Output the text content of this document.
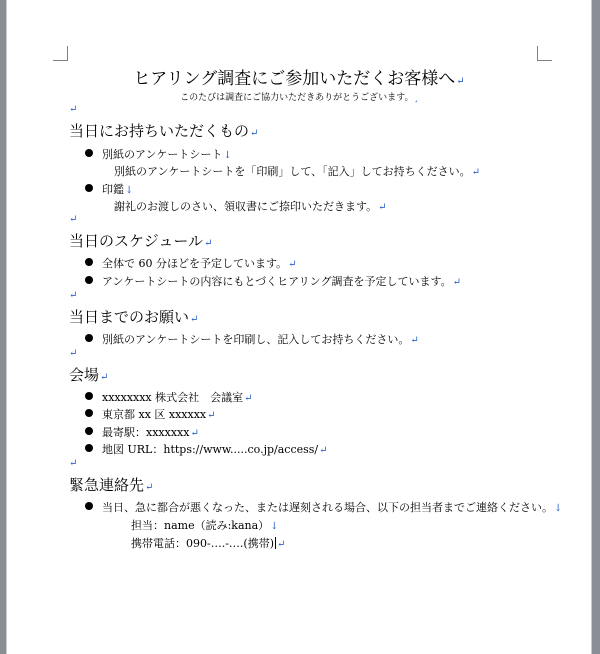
ヒアリング調査にご参加いただくお客様へ↵
このたびは調査にご協力いただきありがとうございます。˼
↵
当日にお持ちいただくもの↵
別紙のアンケートシート↓
別紙のアンケートシートを「印刷」して、「記入」してお持ちください。↵
印鑑↓
謝礼のお渡しのさい、領収書にご捺印いただきます。↵
↵
当日のスケジュール↵
全体で 60 分ほどを予定しています。↵
アンケートシートの内容にもとづくヒアリング調査を予定しています。↵
↵
当日までのお願い↵
別紙のアンケートシートを印刷し、記入してお持ちください。↵
↵
会場↵
xxxxxxxx 株式会社　会議室↵
東京都 xx 区 xxxxxx↵
最寄駅：xxxxxxx↵
地図 URL：https://www.....co.jp/access/↵
↵
緊急連絡先↵
当日、急に都合が悪くなった、または遅刻される場合、以下の担当者までご連絡ください。↓
担当：name（読み:kana）↓
携帯電話：090-….-….(携帯) ↵
